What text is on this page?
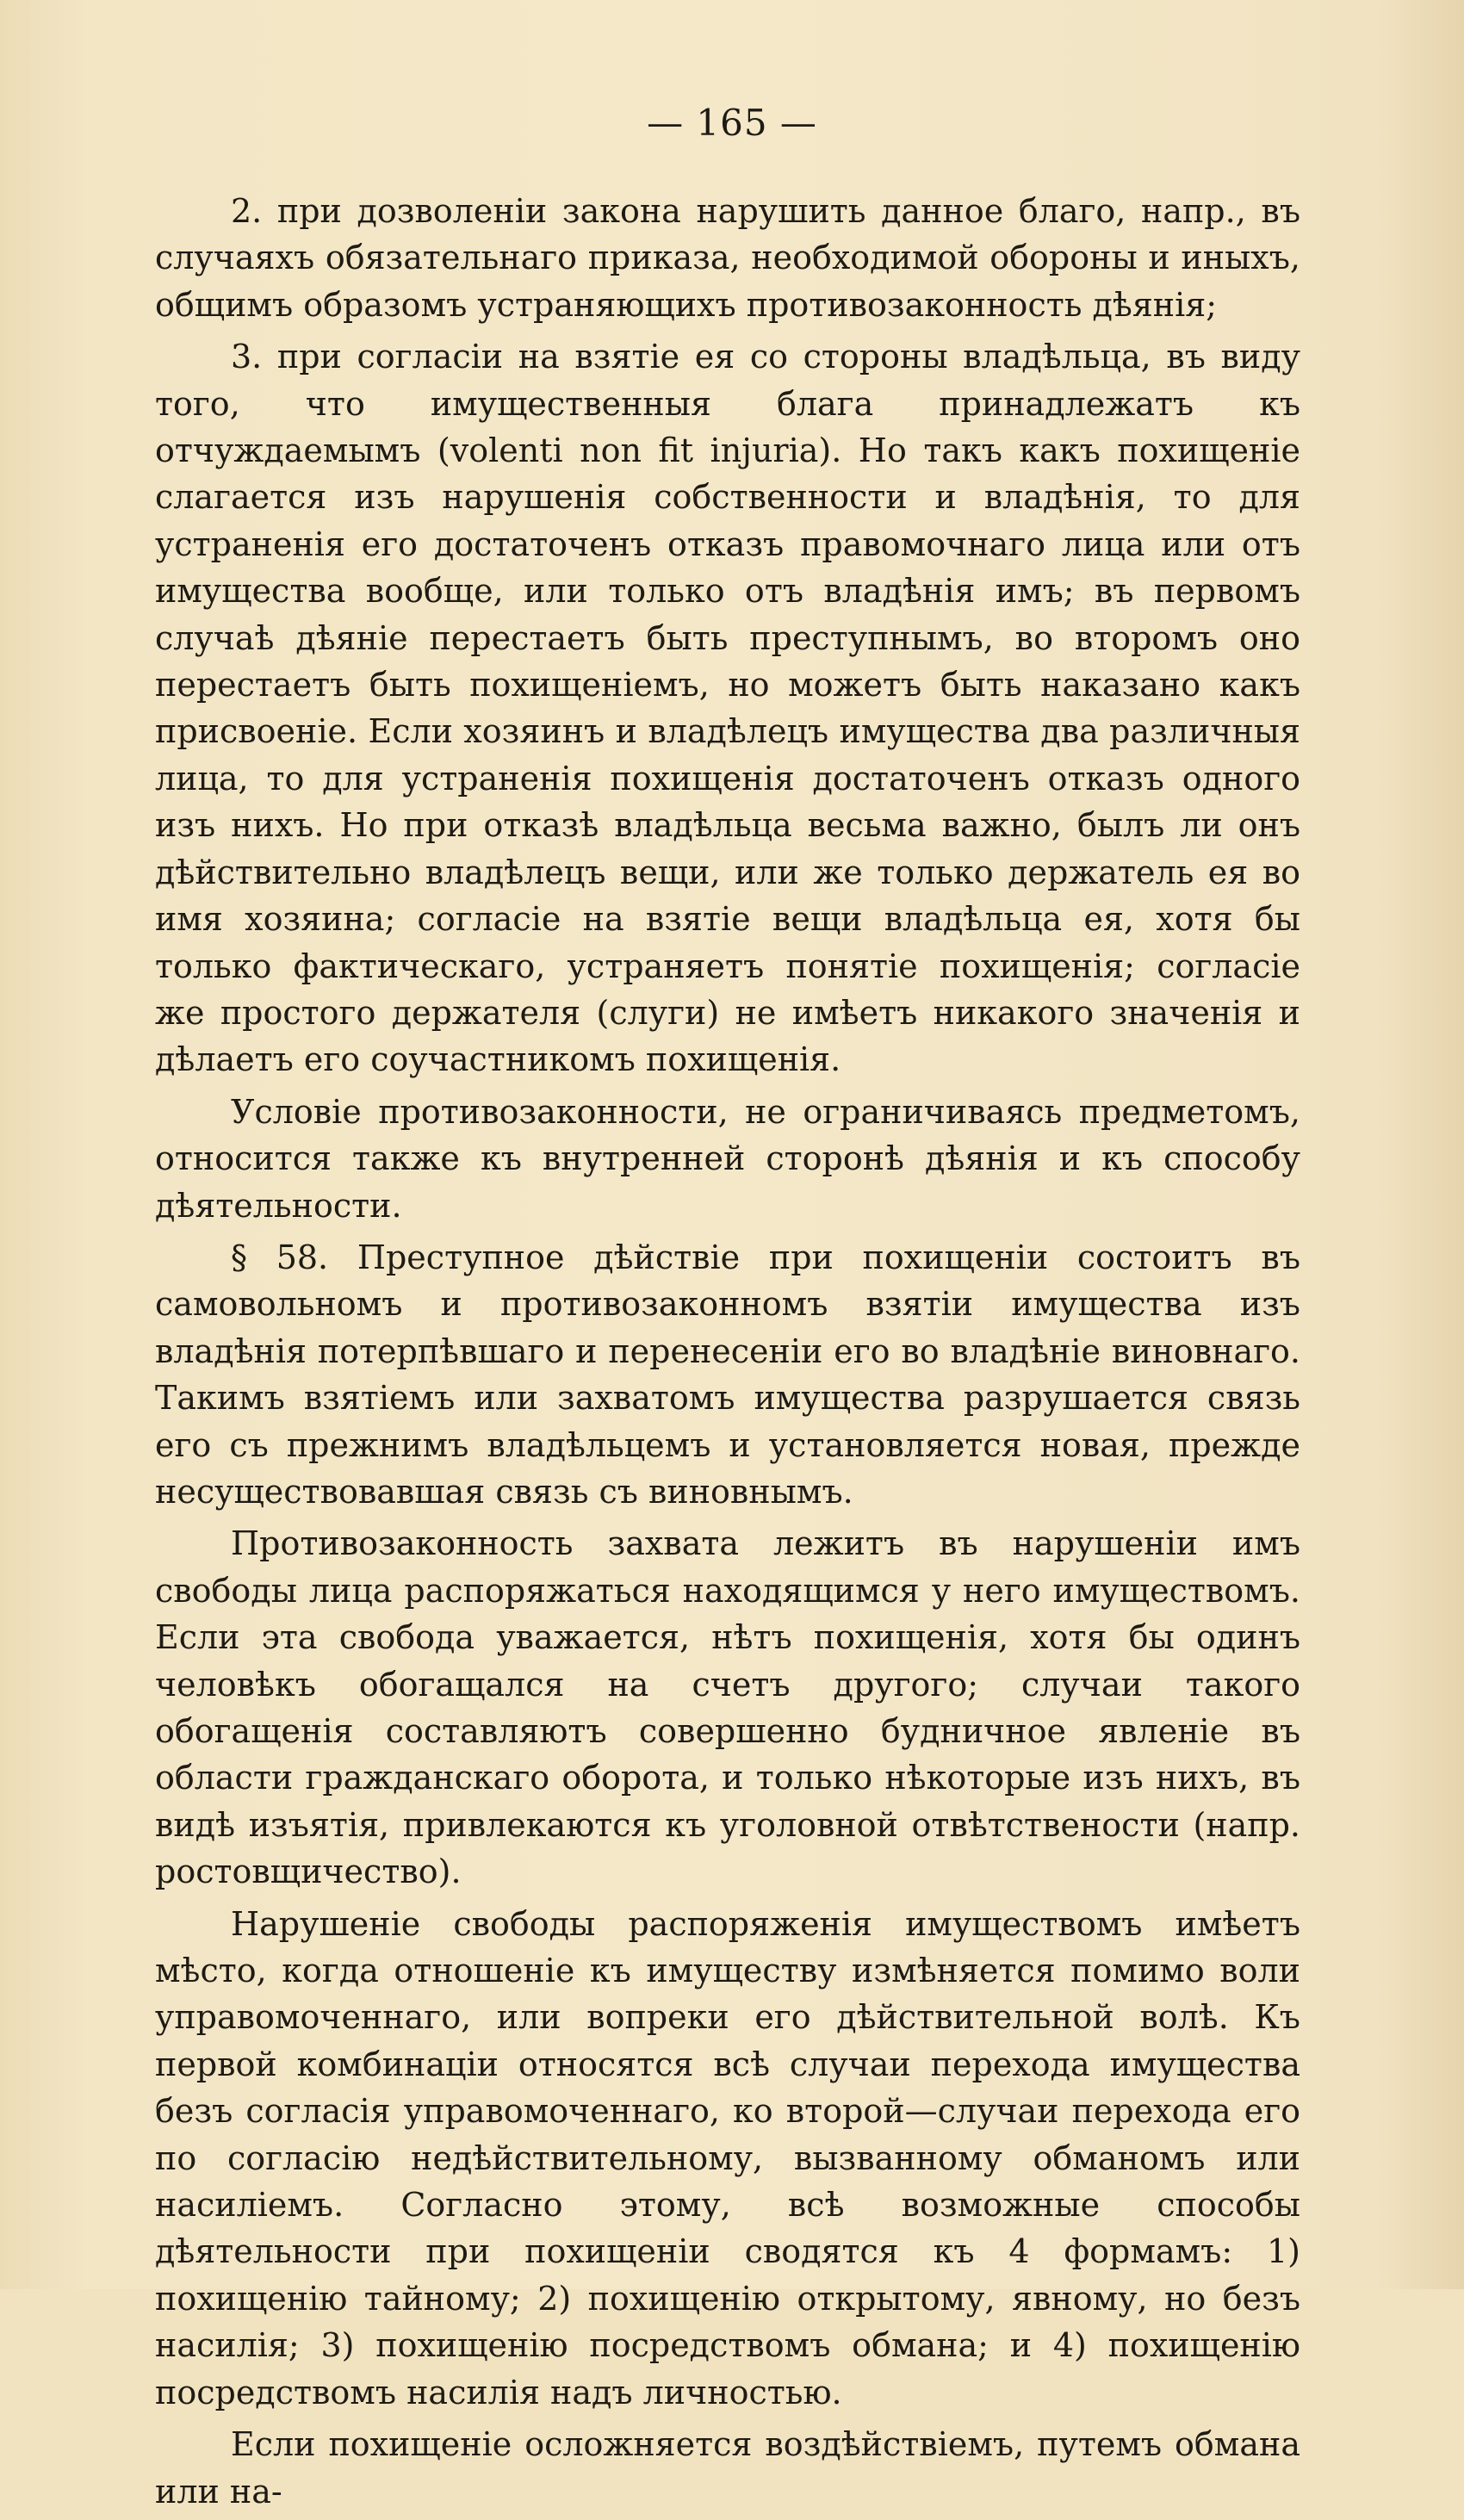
— 165 —

2. при дозволеніи закона нарушить данное благо, напр., въ случаяхъ обязательнаго приказа, необходимой обороны и иныхъ, общимъ образомъ устраняющихъ противозаконность дѣянія;

3. при согласіи на взятіе ея со стороны владѣльца, въ виду того, что имущественныя блага принадлежатъ къ отчуждаемымъ (volenti non fit injuria). Но такъ какъ похищеніе слагается изъ нарушенія собственности и владѣнія, то для устраненія его достаточенъ отказъ правомочнаго лица или отъ имущества вообще, или только отъ владѣнія имъ; въ первомъ случаѣ дѣяніе перестаетъ быть преступнымъ, во второмъ оно перестаетъ быть похищеніемъ, но можетъ быть наказано какъ присвоеніе. Если хозяинъ и владѣлецъ имущества два различныя лица, то для устраненія похищенія достаточенъ отказъ одного изъ нихъ. Но при отказѣ владѣльца весьма важно, былъ ли онъ дѣйствительно владѣлецъ вещи, или же только держатель ея во имя хозяина; согласіе на взятіе вещи владѣльца ея, хотя бы только фактическаго, устраняетъ понятіе похищенія; согласіе же простого держателя (слуги) не имѣетъ никакого значенія и дѣлаетъ его соучастникомъ похищенія.

Условіе противозаконности, не ограничиваясь предметомъ, относится также къ внутренней сторонѣ дѣянія и къ способу дѣятельности.

§ 58. Преступное дѣйствіе при похищеніи состоитъ въ самовольномъ и противозаконномъ взятіи имущества изъ владѣнія потерпѣвшаго и перенесеніи его во владѣніе виновнаго. Такимъ взятіемъ или захватомъ имущества разрушается связь его съ прежнимъ владѣльцемъ и установляется новая, прежде несуществовавшая связь съ виновнымъ.

Противозаконность захвата лежитъ въ нарушеніи имъ свободы лица распоряжаться находящимся у него имуществомъ. Если эта свобода уважается, нѣтъ похищенія, хотя бы одинъ человѣкъ обогащался на счетъ другого; случаи такого обогащенія составляютъ совершенно будничное явленіе въ области гражданскаго оборота, и только нѣкоторые изъ нихъ, въ видѣ изъятія, привлекаются къ уголовной отвѣтствености (напр. ростовщичество).

Нарушеніе свободы распоряженія имуществомъ имѣетъ мѣсто, когда отношеніе къ имуществу измѣняется помимо воли управомоченнаго, или вопреки его дѣйствительной волѣ. Къ первой комбинаціи относятся всѣ случаи перехода имущества безъ согласія управомоченнаго, ко второй—случаи перехода его по согласію недѣйствительному, вызванному обманомъ или насиліемъ. Согласно этому, всѣ возможные способы дѣятельности при похищеніи сводятся къ 4 формамъ: 1) похищенію тайному; 2) похищенію открытому, явному, но безъ насилія; 3) похищенію посредствомъ обмана; и 4) похищенію посредствомъ насилія надъ личностью.

Если похищеніе осложняется воздѣйствіемъ, путемъ обмана или на-
